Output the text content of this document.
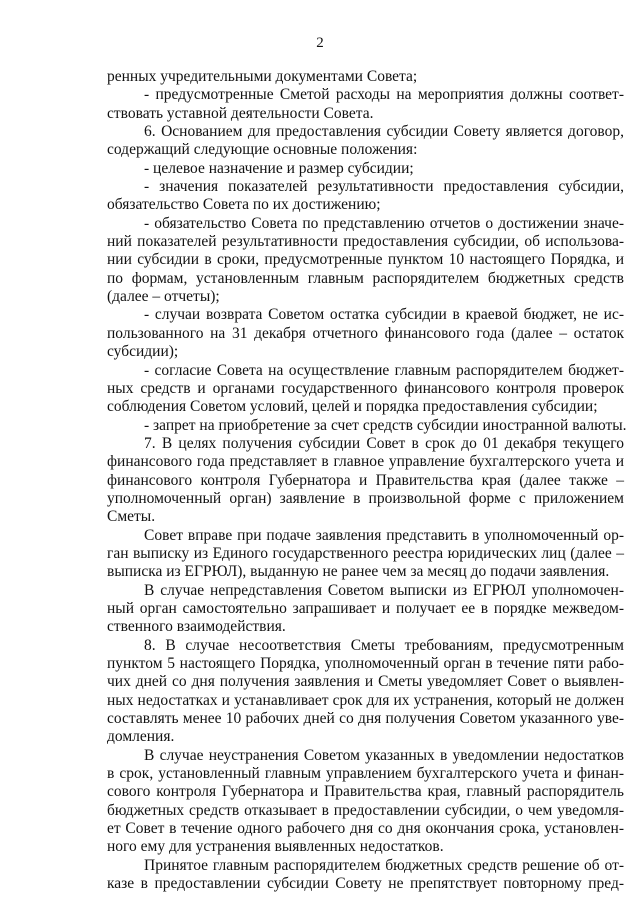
2
ренных учредительными документами Совета;
- предусмотренные Сметой расходы на мероприятия должны соответ-
ствовать уставной деятельности Совета.
6. Основанием для предоставления субсидии Совету является договор,
содержащий следующие основные положения:
- целевое назначение и размер субсидии;
- значения показателей результативности предоставления субсидии,
обязательство Совета по их достижению;
- обязательство Совета по представлению отчетов о достижении значе-
ний показателей результативности предоставления субсидии, об использова-
нии субсидии в сроки, предусмотренные пунктом 10 настоящего Порядка, и
по формам, установленным главным распорядителем бюджетных средств
(далее – отчеты);
- случаи возврата Советом остатка субсидии в краевой бюджет, не ис-
пользованного на 31 декабря отчетного финансового года (далее – остаток
субсидии);
- согласие Совета на осуществление главным распорядителем бюджет-
ных средств и органами государственного финансового контроля проверок
соблюдения Советом условий, целей и порядка предоставления субсидии;
- запрет на приобретение за счет средств субсидии иностранной валюты.
7. В целях получения субсидии Совет в срок до 01 декабря текущего
финансового года представляет в главное управление бухгалтерского учета и
финансового контроля Губернатора и Правительства края (далее также –
уполномоченный орган) заявление в произвольной форме с приложением
Сметы.
Совет вправе при подаче заявления представить в уполномоченный ор-
ган выписку из Единого государственного реестра юридических лиц (далее –
выписка из ЕГРЮЛ), выданную не ранее чем за месяц до подачи заявления.
В случае непредставления Советом выписки из ЕГРЮЛ уполномочен-
ный орган самостоятельно запрашивает и получает ее в порядке межведом-
ственного взаимодействия.
8. В случае несоответствия Сметы требованиям, предусмотренным
пунктом 5 настоящего Порядка, уполномоченный орган в течение пяти рабо-
чих дней со дня получения заявления и Сметы уведомляет Совет о выявлен-
ных недостатках и устанавливает срок для их устранения, который не должен
составлять менее 10 рабочих дней со дня получения Советом указанного уве-
домления.
В случае неустранения Советом указанных в уведомлении недостатков
в срок, установленный главным управлением бухгалтерского учета и финан-
сового контроля Губернатора и Правительства края, главный распорядитель
бюджетных средств отказывает в предоставлении субсидии, о чем уведомля-
ет Совет в течение одного рабочего дня со дня окончания срока, установлен-
ного ему для устранения выявленных недостатков.
Принятое главным распорядителем бюджетных средств решение об от-
казе в предоставлении субсидии Совету не препятствует повторному пред-
